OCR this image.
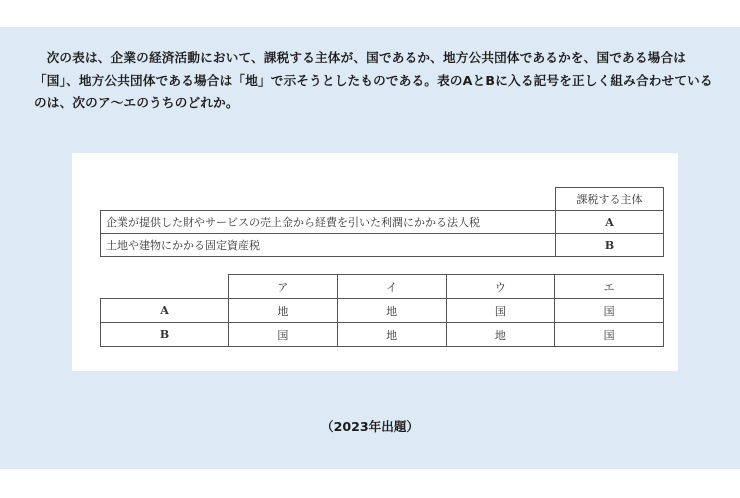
次の表は、企業の経済活動において、課税する主体が、国であるか、地方公共団体であるかを、国である場合は「国」、地方公共団体である場合は「地」で示そうとしたものである。表のAとBに入る記号を正しく組み合わせているのは、次のア～エのうちのどれか。

	課税する主体
企業が提供した財やサービスの売上金から経費を引いた利潤にかかる法人税	A
土地や建物にかかる固定資産税	B
	ア	イ	ウ	エ
A	地	地	国	国
B	国	地	地	国
（2023年出題）
